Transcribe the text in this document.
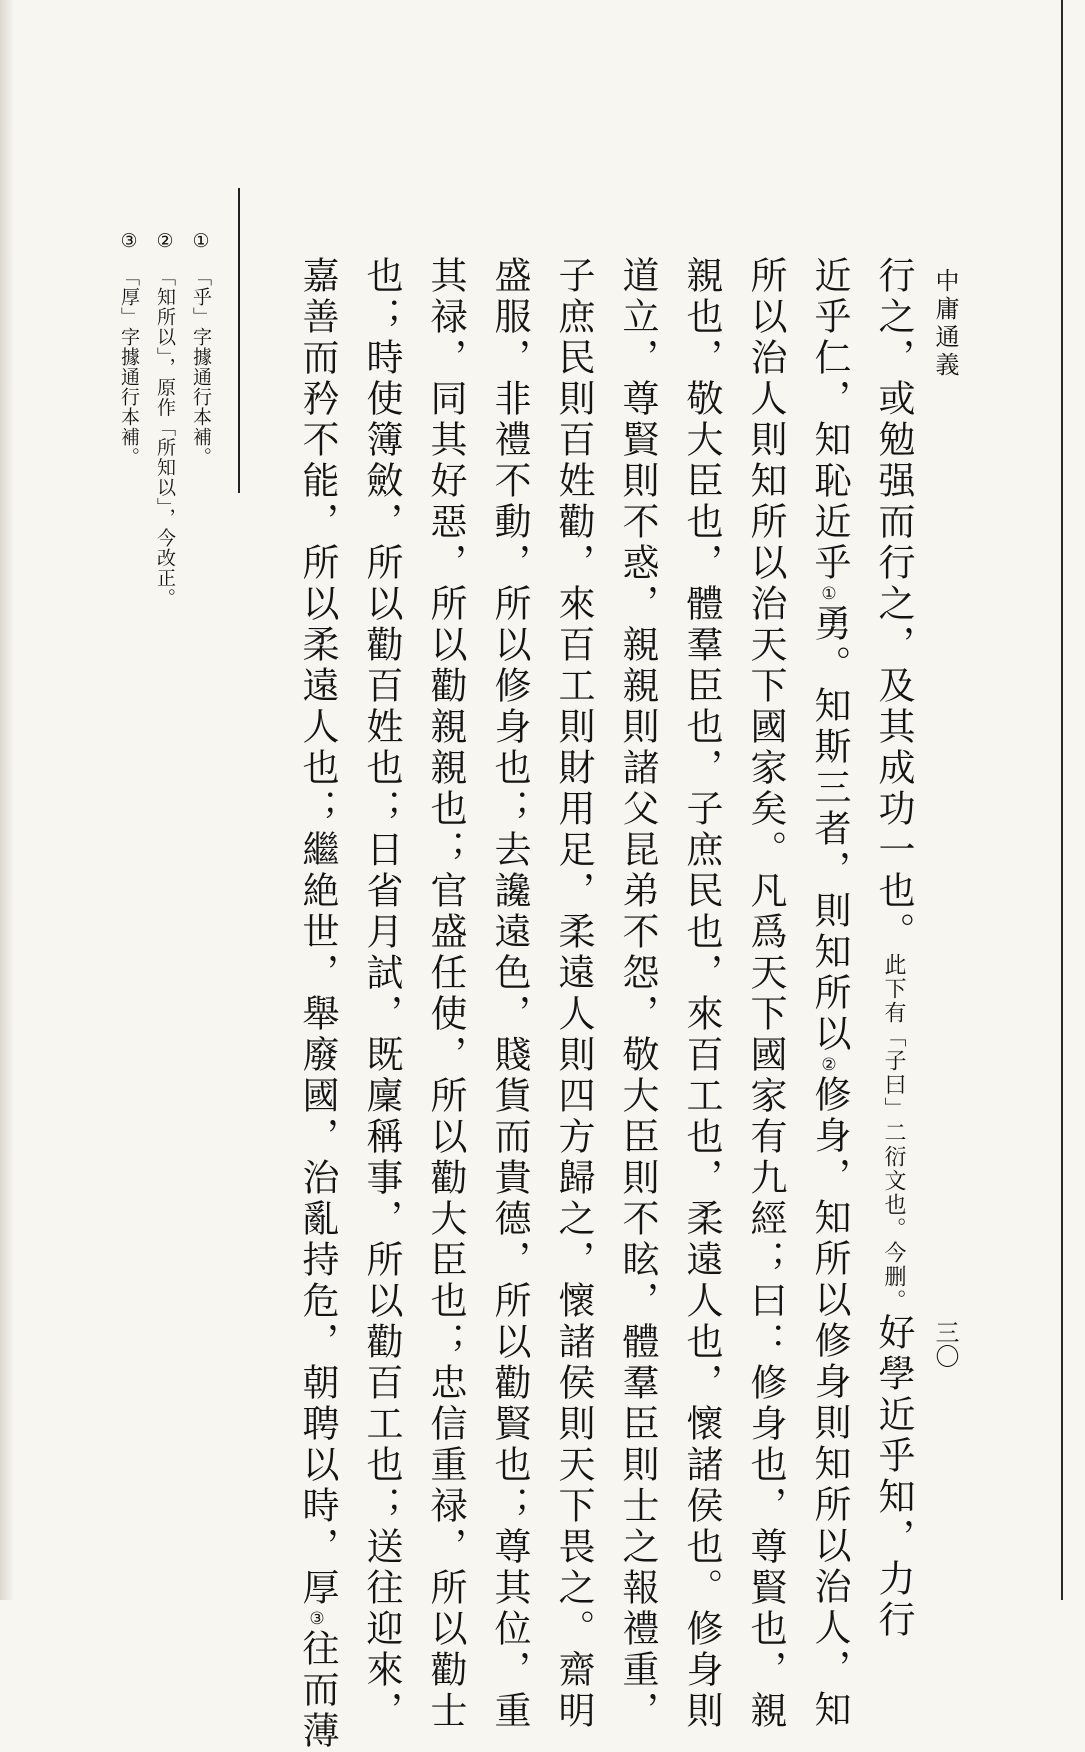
中庸通義
三〇
行之，或勉强而行之，及其成功一也。此下有「子曰」二衍文也。今删。好學近乎知，力行
近乎仁，知恥近乎①勇。知斯三者，則知所以②修身，知所以修身則知所以治人，知
所以治人則知所以治天下國家矣。凡爲天下國家有九經；曰：修身也，尊賢也，親
親也，敬大臣也，體羣臣也，子庶民也，來百工也，柔遠人也，懷諸侯也。修身則
道立，尊賢則不惑，親親則諸父昆弟不怨，敬大臣則不眩，體羣臣則士之報禮重，
子庶民則百姓勸，來百工則財用足，柔遠人則四方歸之，懷諸侯則天下畏之。齋明
盛服，非禮不動，所以修身也；去讒遠色，賤貨而貴德，所以勸賢也；尊其位，重
其禄，同其好惡，所以勸親親也；官盛任使，所以勸大臣也；忠信重禄，所以勸士
也；時使簿斂，所以勸百姓也；日省月試，既廩稱事，所以勸百工也；送往迎來，
嘉善而矜不能，所以柔遠人也；繼絶世，舉廢國，治亂持危，朝聘以時，厚③往而薄
①「乎」字據通行本補。
②「知所以」，原作「所知以」，今改正。
③「厚」字據通行本補。
